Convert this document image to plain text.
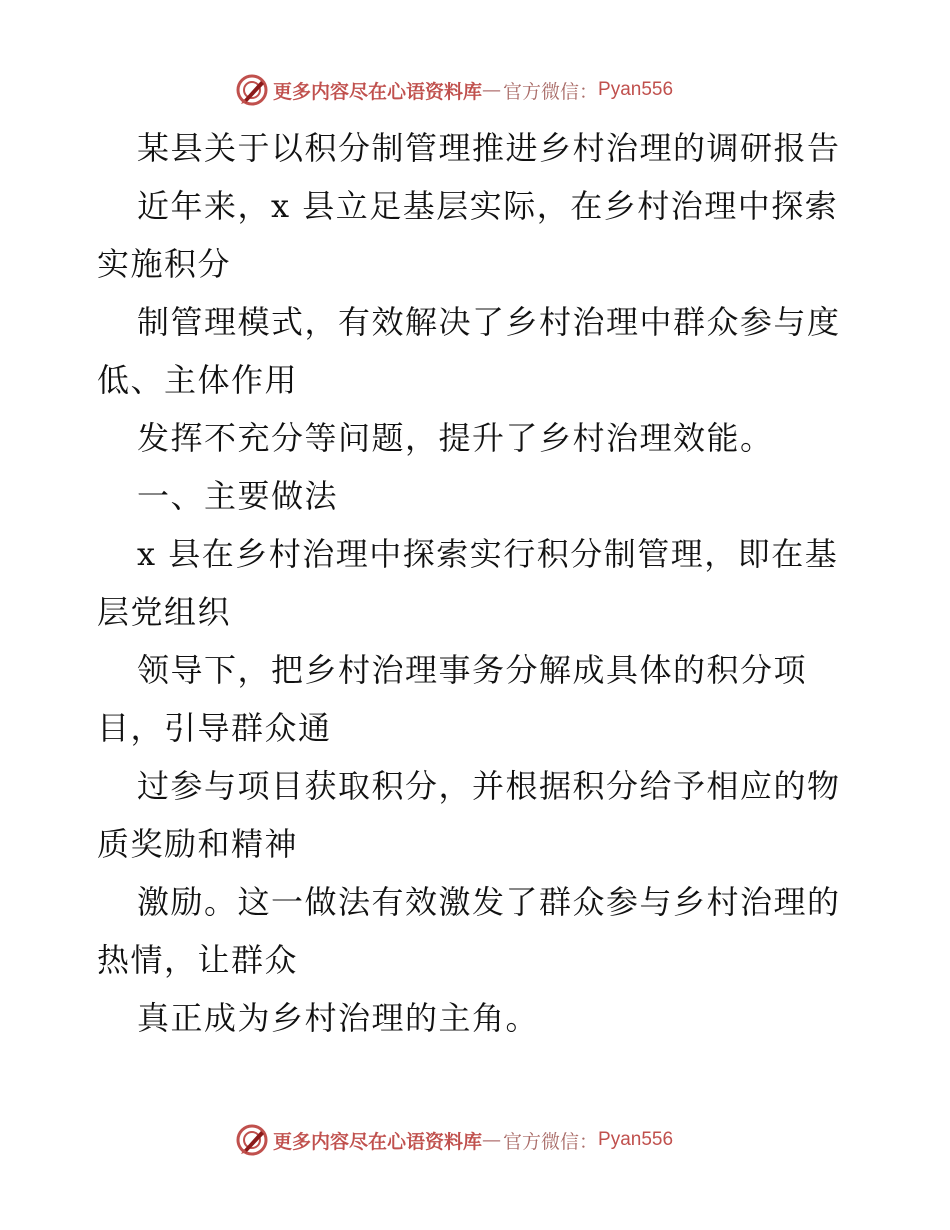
更多内容尽在心语资料库 — 官方微信： Pyan556
某县关于以积分制管理推进乡村治理的调研报告
近年来，x 县立足基层实际，在乡村治理中探索
实施积分
制管理模式，有效解决了乡村治理中群众参与度
低、主体作用
发挥不充分等问题，提升了乡村治理效能。
一、主要做法
x 县在乡村治理中探索实行积分制管理，即在基
层党组织
领导下，把乡村治理事务分解成具体的积分项
目，引导群众通
过参与项目获取积分，并根据积分给予相应的物
质奖励和精神
激励。这一做法有效激发了群众参与乡村治理的
热情，让群众
真正成为乡村治理的主角。
更多内容尽在心语资料库 — 官方微信： Pyan556
